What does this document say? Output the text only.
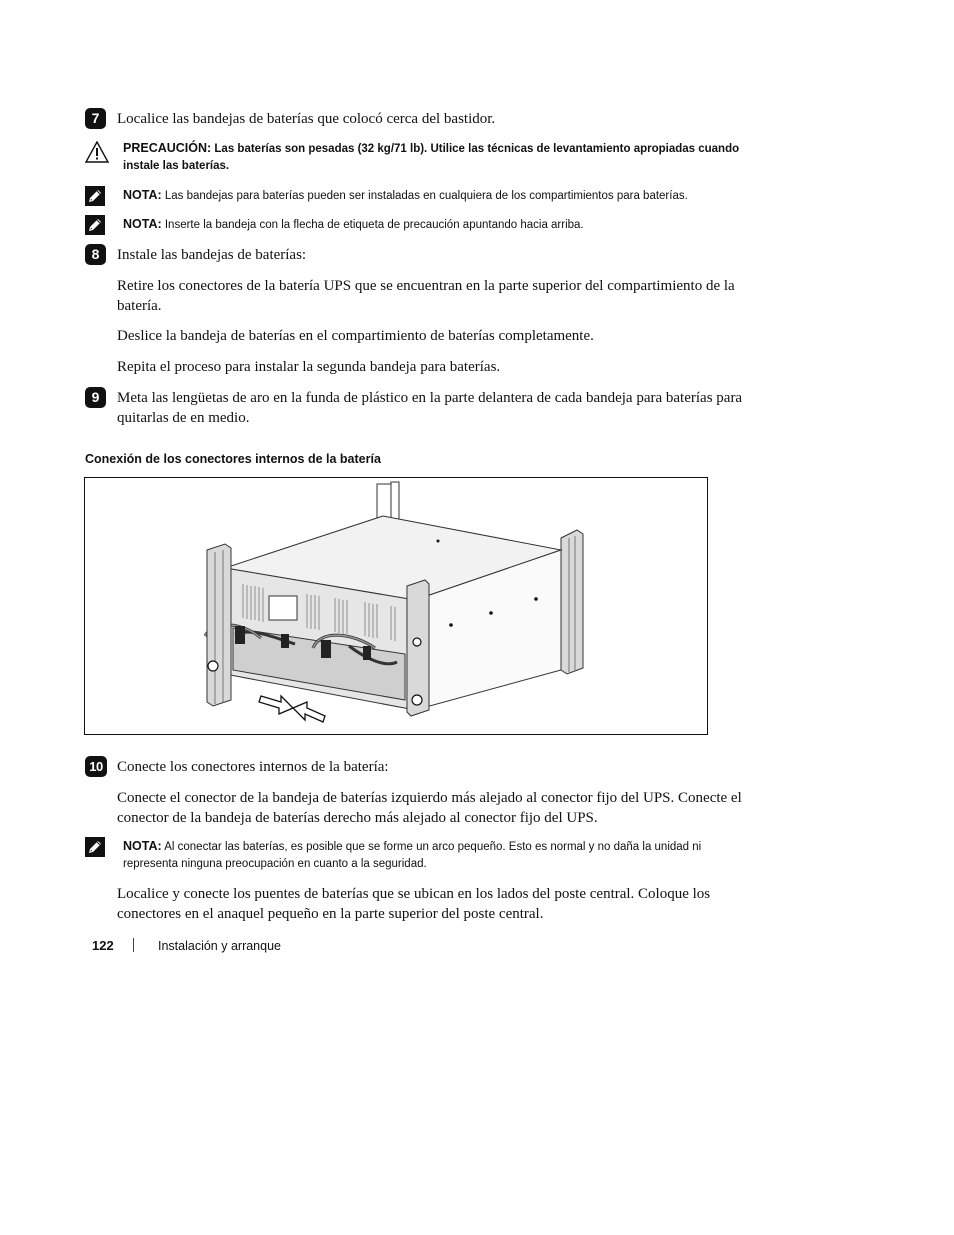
7	Localice las bandejas de baterías que colocó cerca del bastidor.
PRECAUCIÓN: Las baterías son pesadas (32 kg/71 lb). Utilice las técnicas de levantamiento apropiadas cuando instale las baterías.
NOTA: Las bandejas para baterías pueden ser instaladas en cualquiera de los compartimientos para baterías.
NOTA: Inserte la bandeja con la flecha de etiqueta de precaución apuntando hacia arriba.
8	Instale las bandejas de baterías:
Retire los conectores de la batería UPS que se encuentran en la parte superior del compartimiento de la batería.
Deslice la bandeja de baterías en el compartimiento de baterías completamente.
Repita el proceso para instalar la segunda bandeja para baterías.
9	Meta las lengüetas de aro en la funda de plástico en la parte delantera de cada bandeja para baterías para quitarlas de en medio.
Conexión de los conectores internos de la batería
10 Conecte los conectores internos de la batería:
Conecte el conector de la bandeja de baterías izquierdo más alejado al conector fijo del UPS. Conecte el conector de la bandeja de baterías derecho más alejado al conector fijo del UPS.
NOTA: Al conectar las baterías, es posible que se forme un arco pequeño. Esto es normal y no daña la unidad ni representa ninguna preocupación en cuanto a la seguridad.
Localice y conecte los puentes de baterías que se ubican en los lados del poste central. Coloque los conectores en el anaquel pequeño en la parte superior del poste central.
122	Instalación y arranque
